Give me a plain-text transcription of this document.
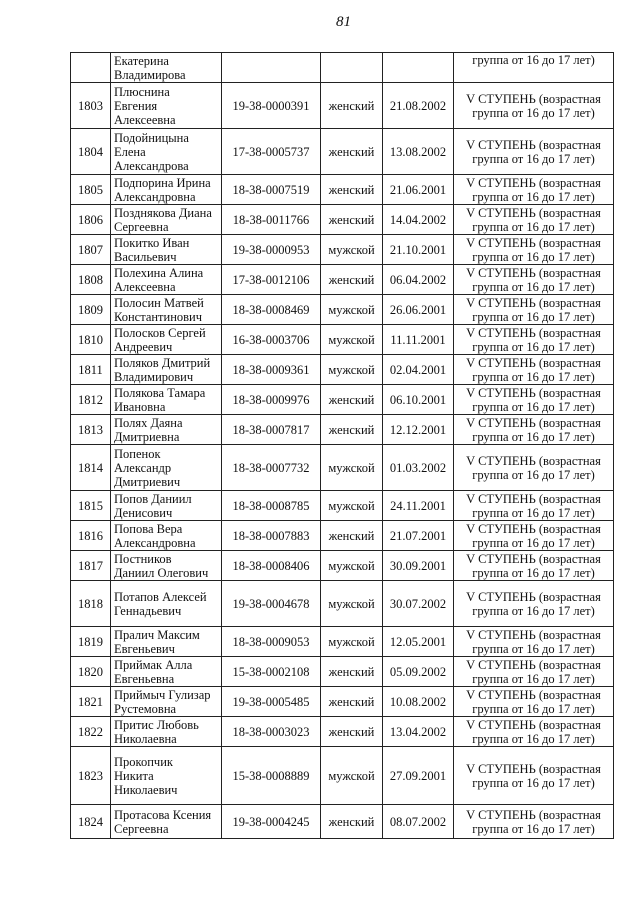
81

	Екатерина
Владимирова				группа от 16 до 17 лет)

1803	Плюснина
Евгения
Алексеевна	19-38-0000391	женский	21.08.2002	V СТУПЕНЬ (возрастная
группа от 16 до 17 лет)

1804	Подойницына
Елена
Александрова	17-38-0005737	женский	13.08.2002	V СТУПЕНЬ (возрастная
группа от 16 до 17 лет)

1805	Подпорина Ирина
Александровна	18-38-0007519	женский	21.06.2001	V СТУПЕНЬ (возрастная
группа от 16 до 17 лет)

1806	Позднякова Диана
Сергеевна	18-38-0011766	женский	14.04.2002	V СТУПЕНЬ (возрастная
группа от 16 до 17 лет)

1807	Покитко Иван
Васильевич	19-38-0000953	мужской	21.10.2001	V СТУПЕНЬ (возрастная
группа от 16 до 17 лет)

1808	Полехина Алина
Алексеевна	17-38-0012106	женский	06.04.2002	V СТУПЕНЬ (возрастная
группа от 16 до 17 лет)

1809	Полосин Матвей
Константинович	18-38-0008469	мужской	26.06.2001	V СТУПЕНЬ (возрастная
группа от 16 до 17 лет)

1810	Полосков Сергей
Андреевич	16-38-0003706	мужской	11.11.2001	V СТУПЕНЬ (возрастная
группа от 16 до 17 лет)

1811	Поляков Дмитрий
Владимирович	18-38-0009361	мужской	02.04.2001	V СТУПЕНЬ (возрастная
группа от 16 до 17 лет)

1812	Полякова Тамара
Ивановна	18-38-0009976	женский	06.10.2001	V СТУПЕНЬ (возрастная
группа от 16 до 17 лет)

1813	Полях Даяна
Дмитриевна	18-38-0007817	женский	12.12.2001	V СТУПЕНЬ (возрастная
группа от 16 до 17 лет)

1814	Попенок
Александр
Дмитриевич	18-38-0007732	мужской	01.03.2002	V СТУПЕНЬ (возрастная
группа от 16 до 17 лет)

1815	Попов Даниил
Денисович	18-38-0008785	мужской	24.11.2001	V СТУПЕНЬ (возрастная
группа от 16 до 17 лет)

1816	Попова Вера
Александровна	18-38-0007883	женский	21.07.2001	V СТУПЕНЬ (возрастная
группа от 16 до 17 лет)

1817	Постников
Даниил Олегович	18-38-0008406	мужской	30.09.2001	V СТУПЕНЬ (возрастная
группа от 16 до 17 лет)

1818	Потапов Алексей
Геннадьевич	19-38-0004678	мужской	30.07.2002	V СТУПЕНЬ (возрастная
группа от 16 до 17 лет)

1819	Пралич Максим
Евгеньевич	18-38-0009053	мужской	12.05.2001	V СТУПЕНЬ (возрастная
группа от 16 до 17 лет)

1820	Приймак Алла
Евгеньевна	15-38-0002108	женский	05.09.2002	V СТУПЕНЬ (возрастная
группа от 16 до 17 лет)

1821	Приймыч Гулизар
Рустемовна	19-38-0005485	женский	10.08.2002	V СТУПЕНЬ (возрастная
группа от 16 до 17 лет)

1822	Притис Любовь
Николаевна	18-38-0003023	женский	13.04.2002	V СТУПЕНЬ (возрастная
группа от 16 до 17 лет)

1823	Прокопчик
Никита
Николаевич	15-38-0008889	мужской	27.09.2001	V СТУПЕНЬ (возрастная
группа от 16 до 17 лет)

1824	Протасова Ксения
Сергеевна	19-38-0004245	женский	08.07.2002	V СТУПЕНЬ (возрастная
группа от 16 до 17 лет)
